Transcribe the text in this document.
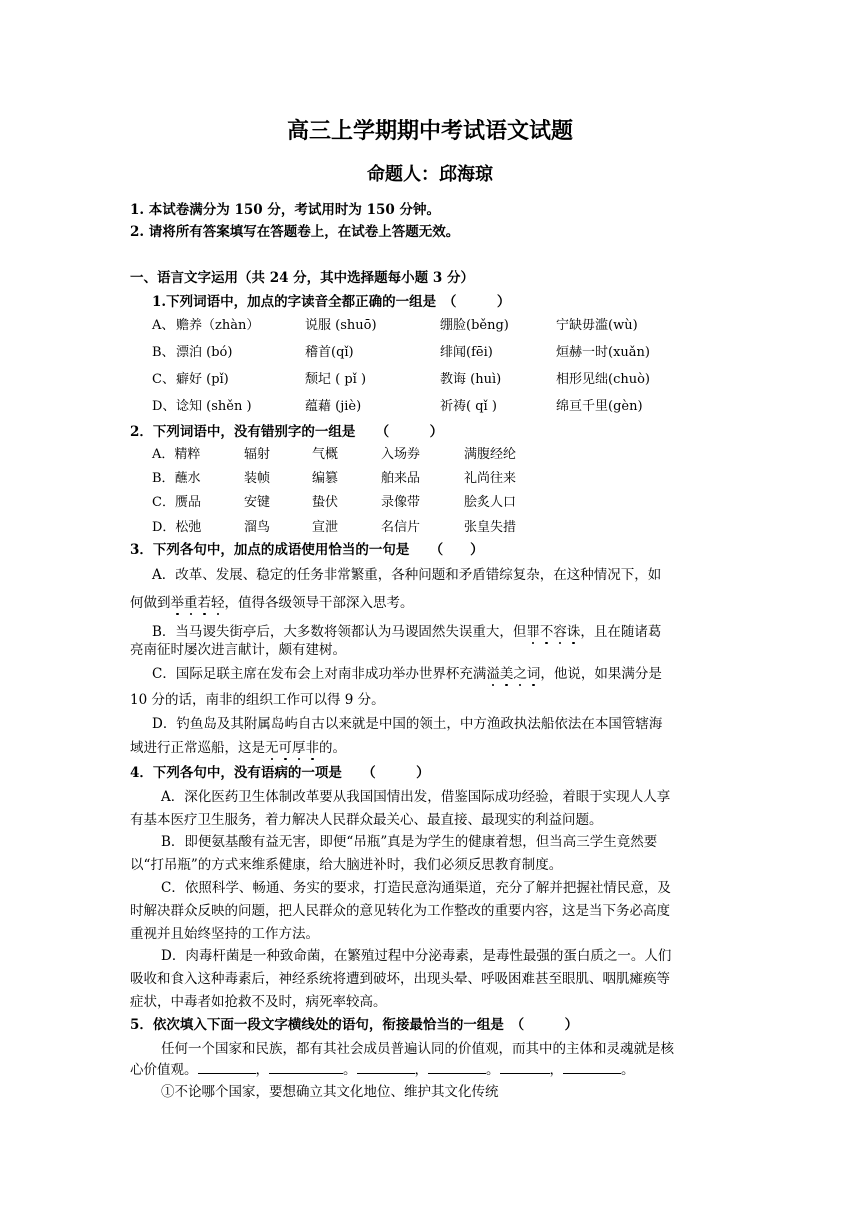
高三上学期期中考试语文试题
命题人：邱海琼
1. 本试卷满分为 150 分，考试用时为 150 分钟。
2. 请将所有答案填写在答题卷上，在试卷上答题无效。
一、语言文字运用（共 24 分，其中选择题每小题 3 分）
1.下列词语中，加点的字读音全都正确的一组是　（　　　）
A、 赡养（zhàn）	说服 (shuō)	绷脸(běng)	宁缺毋滥(wù)
B、 漂泊 (bó)	稽首(qǐ)	绯闻(fēi)	烜赫一时(xuǎn)
C、 癖好 (pǐ)	颓圮 ( pǐ )	教诲 (huì)	相形见绌(chuò)
D、 谂知 (shěn )	蕴藉 (jiè)	祈祷( qǐ )	绵亘千里(gèn)
2．下列词语中，没有错别字的一组是　　（　　　）
A．精粹	辐射	气概	入场券	满腹经纶
B．蘸水	装帧	编篡	舶来品	礼尚往来
C．赝品	安键	蛰伏	录像带	脍炙人口
D．松弛	溜鸟	宣泄	名信片	张皇失措
3．下列各句中，加点的成语使用恰当的一句是　　（　　）
A．改革、发展、稳定的任务非常繁重，各种问题和矛盾错综复杂，在这种情况下，如
何做到举重若轻，值得各级领导干部深入思考。
B．当马谡失街亭后，大多数将领都认为马谡固然失误重大，但罪不容诛，且在随诸葛
亮南征时屡次进言献计，颇有建树。
C．国际足联主席在发布会上对南非成功举办世界杯充满溢美之词，他说，如果满分是
10 分的话，南非的组织工作可以得 9 分。
D．钓鱼岛及其附属岛屿自古以来就是中国的领土，中方渔政执法船依法在本国管辖海
域进行正常巡船，这是无可厚非的。
4．下列各句中，没有语病的一项是　　（　　　）
A．深化医药卫生体制改革要从我国国情出发，借鉴国际成功经验，着眼于实现人人享
有基本医疗卫生服务，着力解决人民群众最关心、最直接、最现实的利益问题。
B．即便氨基酸有益无害，即便“吊瓶”真是为学生的健康着想，但当高三学生竟然要
以“打吊瓶”的方式来维系健康，给大脑进补时，我们必须反思教育制度。
C．依照科学、畅通、务实的要求，打造民意沟通渠道，充分了解并把握社情民意，及
时解决群众反映的问题，把人民群众的意见转化为工作整改的重要内容，这是当下务必高度
重视并且始终坚持的工作方法。
D．肉毒杆菌是一种致命菌，在繁殖过程中分泌毒素，是毒性最强的蛋白质之一。人们
吸收和食入这种毒素后，神经系统将遭到破坏，出现头晕、呼吸困难甚至眼肌、咽肌瘫痪等
症状，中毒者如抢救不及时，病死率较高。
5．依次填入下面一段文字横线处的语句，衔接最恰当的一组是　（　　　）
任何一个国家和民族，都有其社会成员普遍认同的价值观，而其中的主体和灵魂就是核
心价值观。	，	。	，	。	，	。
①不论哪个国家，要想确立其文化地位、维护其文化传统
